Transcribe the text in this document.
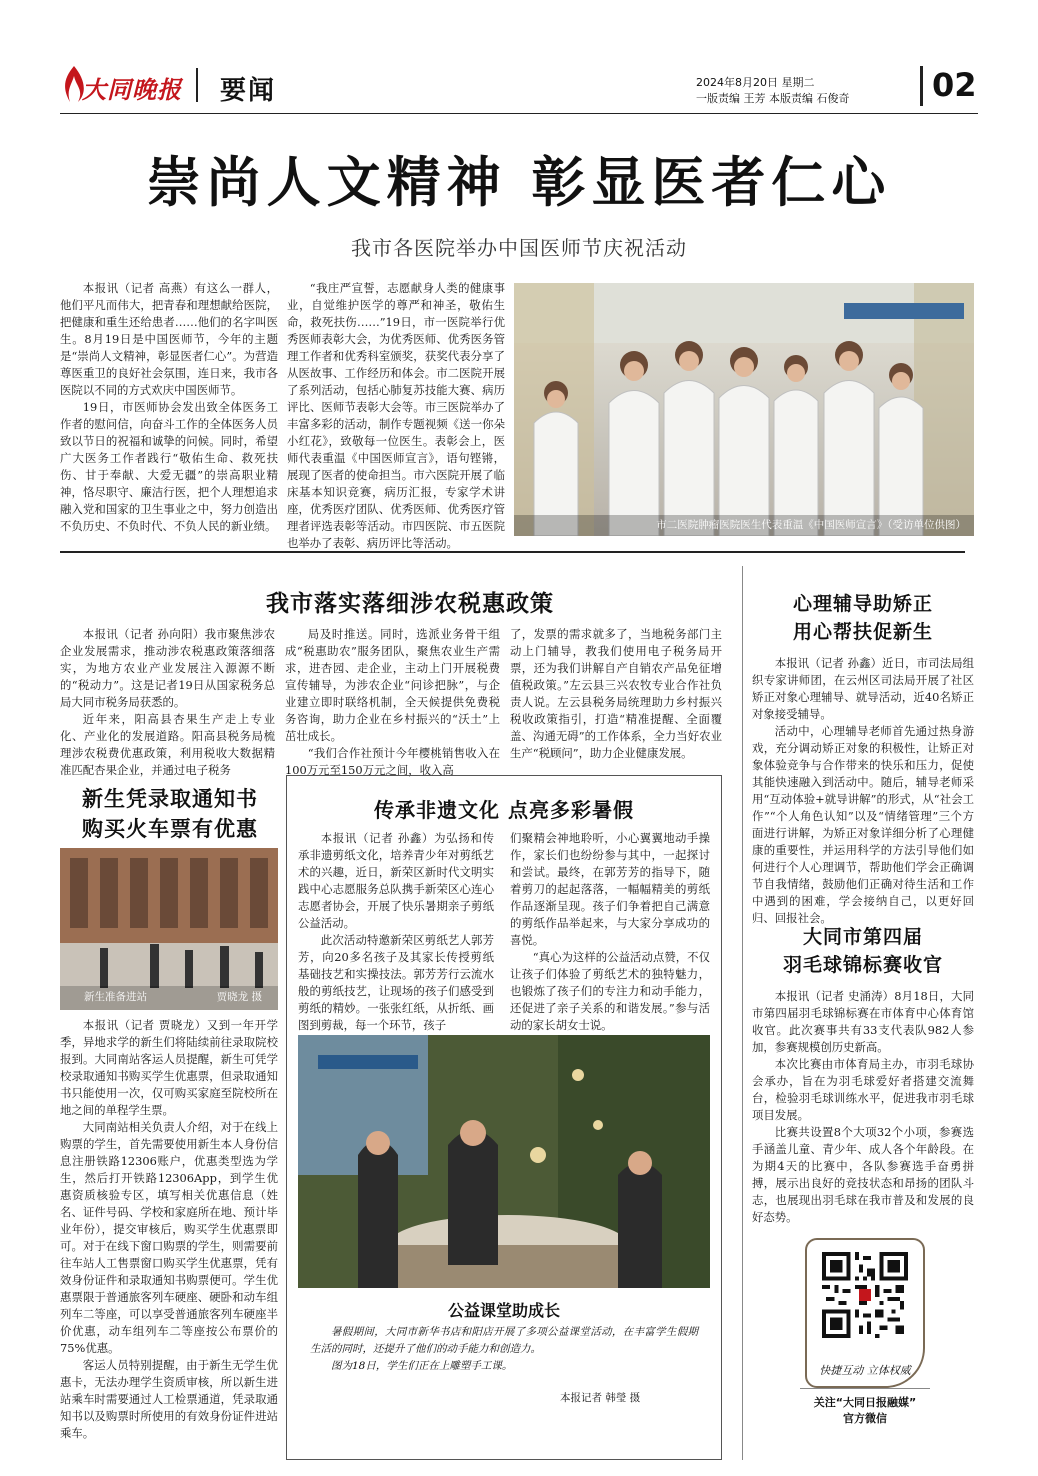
大同晚报 要闻	2024年8月20日 星期二
一版责编 王芳 本版责编 石俊奇	02
崇尚人文精神 彰显医者仁心
我市各医院举办中国医师节庆祝活动

本报讯（记者 高燕）有这么一群人，他们平凡而伟大，把青春和理想献给医院，把健康和重生还给患者……他们的名字叫医生。8月19日是中国医师节，今年的主题是“崇尚人文精神，彰显医者仁心”。为营造尊医重卫的良好社会氛围，连日来，我市各医院以不同的方式欢庆中国医师节。

19日，市医师协会发出致全体医务工作者的慰问信，向奋斗工作的全体医务人员致以节日的祝福和诚挚的问候。同时，希望广大医务工作者践行“敬佑生命、救死扶伤、甘于奉献、大爱无疆”的崇高职业精神，恪尽职守、廉洁行医，把个人理想追求融入党和国家的卫生事业之中，努力创造出不负历史、不负时代、不负人民的新业绩。

“我庄严宣誓，志愿献身人类的健康事业，自觉维护医学的尊严和神圣，敬佑生命，救死扶伤……”19日，市一医院举行优秀医师表彰大会，为优秀医师、优秀医务管理工作者和优秀科室颁奖，获奖代表分享了从医故事、工作经历和体会。市二医院开展了系列活动，包括心肺复苏技能大赛、病历评比、医师节表彰大会等。市三医院举办了丰富多彩的活动，制作专题视频《送一你朵小红花》，致敬每一位医生。表彰会上，医师代表重温《中国医师宣言》，语句铿锵，展现了医者的使命担当。市六医院开展了临床基本知识竞赛，病历汇报，专家学术讲座，优秀医疗团队、优秀医师、优秀医疗管理者评选表彰等活动。市四医院、市五医院也举办了表彰、病历评比等活动。

市二医院肿瘤医院医生代表重温《中国医师宣言》（受访单位供图）
我市落实落细涉农税惠政策

本报讯（记者 孙向阳）我市聚焦涉农企业发展需求，推动涉农税惠政策落细落实，为地方农业产业发展注入源源不断的“税动力”。这是记者19日从国家税务总局大同市税务局获悉的。

近年来，阳高县杏果生产走上专业化、产业化的发展道路。阳高县税务局梳理涉农税费优惠政策，利用税收大数据精准匹配杏果企业，并通过电子税务

局及时推送。同时，选派业务骨干组成“税惠助农”服务团队，聚焦农业生产需求，进杏园、走企业，主动上门开展税费宣传辅导，为涉农企业“问诊把脉”，与企业建立即时联络机制，全天候提供免费税务咨询，助力企业在乡村振兴的“沃土”上茁壮成长。

“我们合作社预计今年樱桃销售收入在100万元至150万元之间，收入高

了，发票的需求就多了，当地税务部门主动上门辅导，教我们使用电子税务局开票，还为我们讲解自产自销农产品免征增值税政策。”左云县三兴农牧专业合作社负责人说。左云县税务局统理助力乡村振兴税收政策指引，打造“精准提醒、全面覆盖、沟通无碍”的工作体系，全力当好农业生产“税顾问”，助力企业健康发展。

新生凭录取通知书
购买火车票有优惠
新生准备进站	贾晓龙 摄

本报讯（记者 贾晓龙）又到一年开学季，异地求学的新生们将陆续前往录取院校报到。大同南站客运人员提醒，新生可凭学校录取通知书购买学生优惠票，但录取通知书只能使用一次，仅可购买家庭至院校所在地之间的单程学生票。

大同南站相关负责人介绍，对于在线上购票的学生，首先需要使用新生本人身份信息注册铁路12306账户，优惠类型选为学生，然后打开铁路12306App，到学生优惠资质核验专区，填写相关优惠信息（姓名、证件号码、学校和家庭所在地、预计毕业年份），提交审核后，购买学生优惠票即可。对于在线下窗口购票的学生，则需要前往车站人工售票窗口购买学生优惠票，凭有效身份证件和录取通知书购票便可。学生优惠票限于普通旅客列车硬座、硬卧和动车组列车二等座，可以享受普通旅客列车硬座半价优惠，动车组列车二等座按公布票价的75%优惠。

客运人员特别提醒，由于新生无学生优惠卡，无法办理学生资质审核，所以新生进站乘车时需要通过人工检票通道，凭录取通知书以及购票时所使用的有效身份证件进站乘车。

传承非遗文化 点亮多彩暑假

本报讯（记者 孙鑫）为弘扬和传承非遗剪纸文化，培养青少年对剪纸艺术的兴趣，近日，新荣区新时代文明实践中心志愿服务总队携手新荣区心连心志愿者协会，开展了快乐暑期亲子剪纸公益活动。

此次活动特邀新荣区剪纸艺人郭芳芳，向20多名孩子及其家长传授剪纸基础技艺和实操技法。郭芳芳行云流水般的剪纸技艺，让现场的孩子们感受到剪纸的精妙。一张张红纸，从折纸、画图到剪裁，每一个环节，孩子

们聚精会神地聆听，小心翼翼地动手操作，家长们也纷纷参与其中，一起探讨和尝试。最终，在郭芳芳的指导下，随着剪刀的起起落落，一幅幅精美的剪纸作品逐渐呈现。孩子们争着把自己满意的剪纸作品举起来，与大家分享成功的喜悦。

“真心为这样的公益活动点赞，不仅让孩子们体验了剪纸艺术的独特魅力，也锻炼了孩子们的专注力和动手能力，还促进了亲子关系的和谐发展。”参与活动的家长胡女士说。

公益课堂助成长

暑假期间，大同市新华书店和阳店开展了多项公益课堂活动，在丰富学生假期生活的同时，还提升了他们的动手能力和创造力。

图为18日，学生们正在上雕塑手工课。

本报记者 韩瑩 摄
心理辅导助矫正
用心帮扶促新生

本报讯（记者 孙鑫）近日，市司法局组织专家讲师团，在云州区司法局开展了社区矫正对象心理辅导、就导活动，近40名矫正对象接受辅导。

活动中，心理辅导老师首先通过热身游戏，充分调动矫正对象的积极性，让矫正对象体验竞争与合作带来的快乐和压力，促使其能快速融入到活动中。随后，辅导老师采用“互动体验+就导讲解”的形式，从“社会工作”“个人角色认知”以及“情绪管理”三个方面进行讲解，为矫正对象详细分析了心理健康的重要性，并运用科学的方法引导他们如何进行个人心理调节，帮助他们学会正确调节自我情绪，鼓励他们正确对待生活和工作中遇到的困难，学会接纳自己，以更好回归、回报社会。

大同市第四届
羽毛球锦标赛收官

本报讯（记者 史涌涛）8月18日，大同市第四届羽毛球锦标赛在市体育中心体育馆收官。此次赛事共有33支代表队982人参加，参赛规模创历史新高。

本次比赛由市体育局主办，市羽毛球协会承办，旨在为羽毛球爱好者搭建交流舞台，检验羽毛球训练水平，促进我市羽毛球项目发展。

比赛共设置8个大项32个小项，参赛选手涵盖儿童、青少年、成人各个年龄段。在为期4天的比赛中，各队参赛选手奋勇拼搏，展示出良好的竞技状态和昂扬的团队斗志，也展现出羽毛球在我市普及和发展的良好态势。

快捷互动 立体权威
关注“大同日报融媒”
官方微信
